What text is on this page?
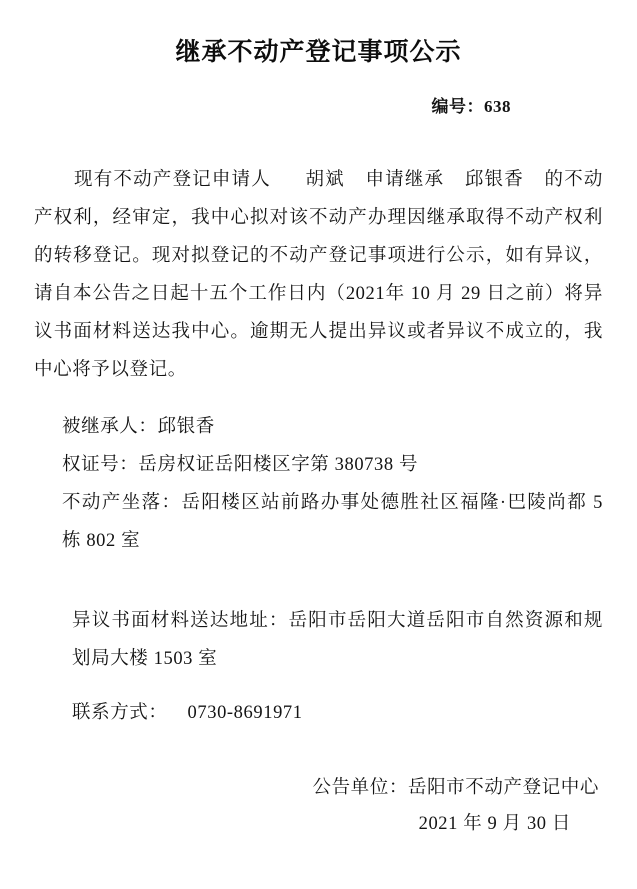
继承不动产登记事项公示
编号：638

现有不动产登记申请人 胡斌 申请继承 邱银香 的不动产权利，经审定，我中心拟对该不动产办理因继承取得不动产权利的转移登记。现对拟登记的不动产登记事项进行公示，如有异议，请自本公告之日起十五个工作日内（2021年 10 月 29 日之前）将异议书面材料送达我中心。逾期无人提出异议或者异议不成立的，我中心将予以登记。

被继承人：邱银香
权证号：岳房权证岳阳楼区字第 380738 号
不动产坐落：岳阳楼区站前路办事处德胜社区福隆·巴陵尚都 5 栋 802 室
异议书面材料送达地址：岳阳市岳阳大道岳阳市自然资源和规划局大楼 1503 室
联系方式： 0730-8691971
公告单位：岳阳市不动产登记中心
2021 年 9 月 30 日
